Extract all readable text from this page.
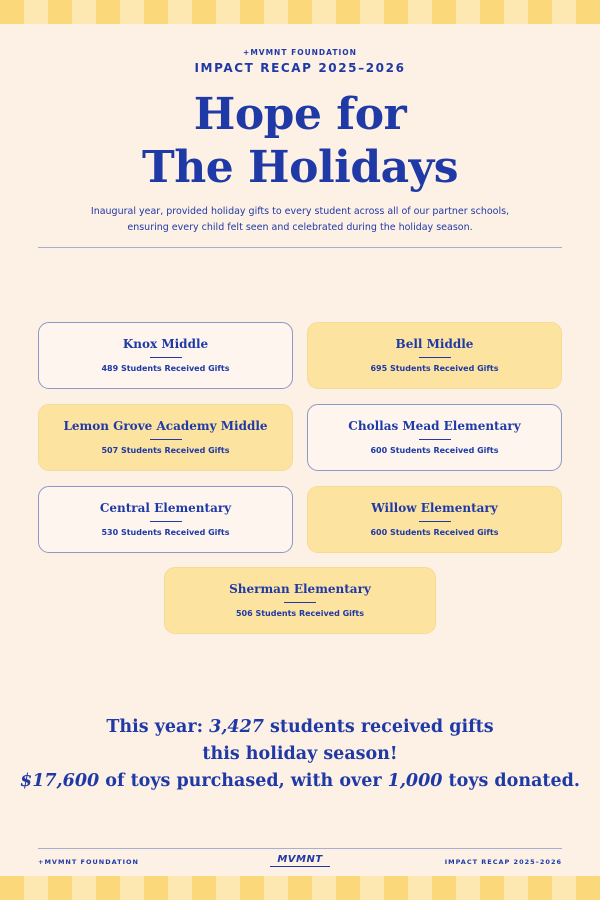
+MVMNT FOUNDATION
IMPACT RECAP 2025–2026
Hope for
The Holidays
Inaugural year, provided holiday gifts to every student across all of our partner schools,
ensuring every child felt seen and celebrated during the holiday season.
Knox Middle
489 Students Received Gifts
Bell Middle
695 Students Received Gifts
Lemon Grove Academy Middle
507 Students Received Gifts
Chollas Mead Elementary
600 Students Received Gifts
Central Elementary
530 Students Received Gifts
Willow Elementary
600 Students Received Gifts
Sherman Elementary
506 Students Received Gifts
This year: 3,427 students received gifts
this holiday season!
$17,600 of toys purchased, with over 1,000 toys donated.
+MVMNT FOUNDATION	MVMNT	IMPACT RECAP 2025–2026
